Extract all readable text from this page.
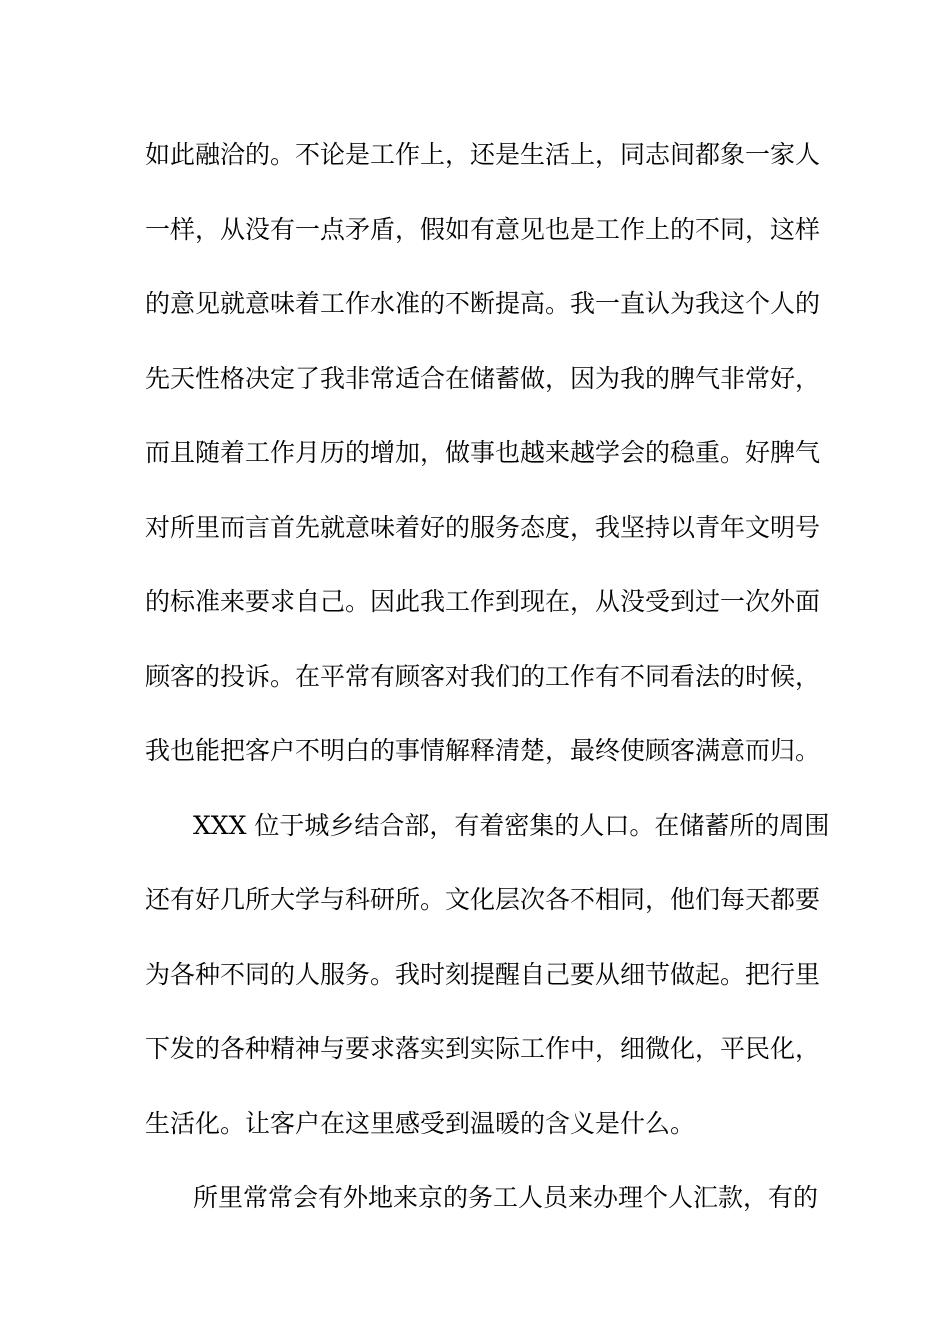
如此融洽的。不论是工作上，还是生活上，同志间都象一家人
一样，从没有一点矛盾，假如有意见也是工作上的不同，这样
的意见就意味着工作水准的不断提高。我一直认为我这个人的
先天性格决定了我非常适合在储蓄做，因为我的脾气非常好，
而且随着工作月历的增加，做事也越来越学会的稳重。好脾气
对所里而言首先就意味着好的服务态度，我坚持以青年文明号
的标准来要求自己。因此我工作到现在，从没受到过一次外面
顾客的投诉。在平常有顾客对我们的工作有不同看法的时候，
我也能把客户不明白的事情解释清楚，最终使顾客满意而归。
XXX 位于城乡结合部，有着密集的人口。在储蓄所的周围
还有好几所大学与科研所。文化层次各不相同，他们每天都要
为各种不同的人服务。我时刻提醒自己要从细节做起。把行里
下发的各种精神与要求落实到实际工作中，细微化，平民化，
生活化。让客户在这里感受到温暖的含义是什么。
所里常常会有外地来京的务工人员来办理个人汇款，有的
